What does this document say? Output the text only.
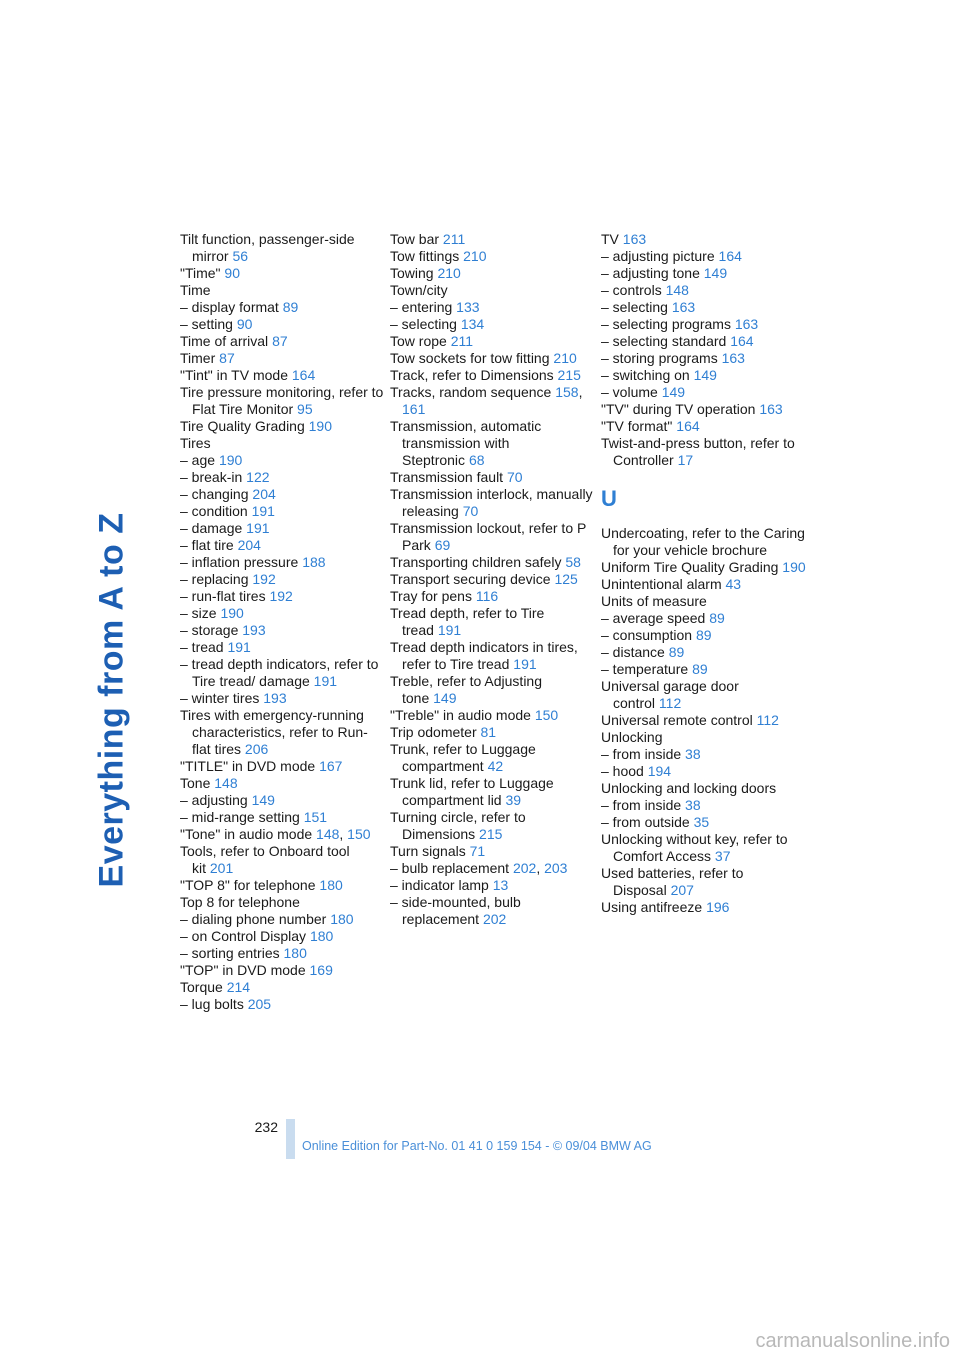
Everything from A to Z

Tilt function, passenger-side mirror 56

"Time" 90

Time

– display format 89

– setting 90

Time of arrival 87

Timer 87

"Tint" in TV mode 164

Tire pressure monitoring, refer to Flat Tire Monitor 95

Tire Quality Grading 190

Tires

– age 190

– break-in 122

– changing 204

– condition 191

– damage 191

– flat tire 204

– inflation pressure 188

– replacing 192

– run-flat tires 192

– size 190

– storage 193

– tread 191

– tread depth indicators, refer to Tire tread/ damage 191

– winter tires 193

Tires with emergency-running characteristics, refer to Run-flat tires 206

"TITLE" in DVD mode 167

Tone 148

– adjusting 149

– mid-range setting 151

"Tone" in audio mode 148, 150

Tools, refer to Onboard tool kit 201

"TOP 8" for telephone 180

Top 8 for telephone

– dialing phone number 180

– on Control Display 180

– sorting entries 180

"TOP" in DVD mode 169

Torque 214

– lug bolts 205

Tow bar 211

Tow fittings 210

Towing 210

Town/city

– entering 133

– selecting 134

Tow rope 211

Tow sockets for tow fitting 210

Track, refer to Dimensions 215

Tracks, random sequence 158, 161

Transmission, automatic transmission with Steptronic 68

Transmission fault 70

Transmission interlock, manually releasing 70

Transmission lockout, refer to P Park 69

Transporting children safely 58

Transport securing device 125

Tray for pens 116

Tread depth, refer to Tire tread 191

Tread depth indicators in tires, refer to Tire tread 191

Treble, refer to Adjusting tone 149

"Treble" in audio mode 150

Trip odometer 81

Trunk, refer to Luggage compartment 42

Trunk lid, refer to Luggage compartment lid 39

Turning circle, refer to Dimensions 215

Turn signals 71

– bulb replacement 202, 203

– indicator lamp 13

– side-mounted, bulb replacement 202

TV 163

– adjusting picture 164

– adjusting tone 149

– controls 148

– selecting 163

– selecting programs 163

– selecting standard 164

– storing programs 163

– switching on 149

– volume 149

"TV" during TV operation 163

"TV format" 164

Twist-and-press button, refer to Controller 17

U

Undercoating, refer to the Caring for your vehicle brochure

Uniform Tire Quality Grading 190

Unintentional alarm 43

Units of measure

– average speed 89

– consumption 89

– distance 89

– temperature 89

Universal garage door control 112

Universal remote control 112

Unlocking

– from inside 38

– hood 194

Unlocking and locking doors

– from inside 38

– from outside 35

Unlocking without key, refer to Comfort Access 37

Used batteries, refer to Disposal 207

Using antifreeze 196

232
Online Edition for Part-No. 01 41 0 159 154 - © 09/04 BMW AG
carmanualsonline.info
